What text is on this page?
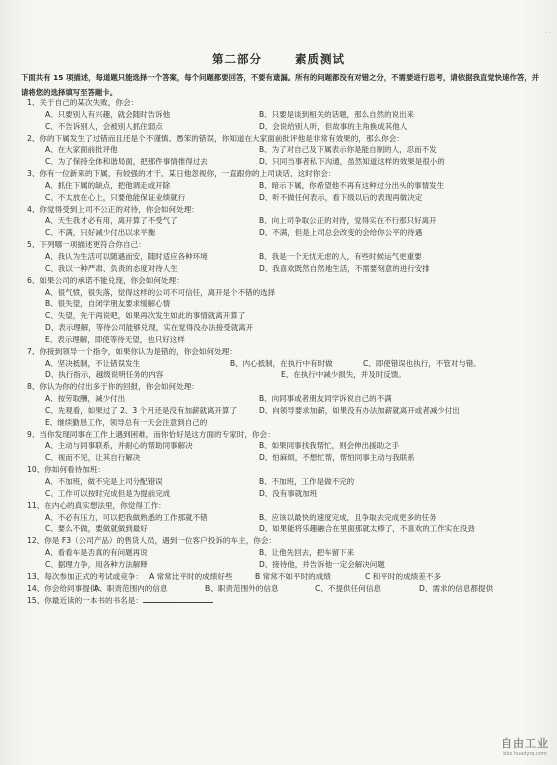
· ·
第二部分	素质测试
下面共有 15 项描述，每道题只能选择一个答案，每个问题都要回答，不要有遗漏。所有的问题都没有对错之分，不需要进行思考，请依据我直觉快速作答，并请将您的选择填写至答题卡。
1、关于自己的某次失败，你会：
A、只要别人有兴趣，就会随时告诉他	B、只要是谈到相关的话题，那么自然的说出来
C、不告诉别人，会被别人抓住弱点	D、会说给别人听，但故事的主角换成其他人
2、你的下属发生了过错而且还是个不谨慎、愚笨的错误，你知道在大家面前批评他是非常有效果的，那么你会：
A、在大家面前批评他	B、为了对自己及下属表示你是能自制的人，忍而不发
C、为了保持全体和谐局面，把那件事情推得过去	D、只同当事者私下沟通，虽然知道这样的效果是很小的
3、你有一位新来的下属，有较强的才干。某日他忽视你，一直跟你的上司谈话，这时你会：
A、抓住下属的缺点，把他调走或开除	B、暗示下属，你希望他不再有这种过分出头的事情发生
C、不太放在心上，只要他能保证业绩就行	D、听不做任何表示，看下级以后的表现再做决定
4、你觉得受到上司不公正的对待，你会如何处理：
A、天生我才必有用，离开算了不受气了	B、向上司争取公正的对待，觉得实在不行那只好离开
C、不满，只好减少付出以求平衡	D、不满，但是上司总会改变的会给你公平的待遇
5、下列哪一项描述更符合你自己：
A、我认为生活可以随遇而安，随时适应各种环境	B、我是一个无忧无虑的人，有些时候运气更重要
C、我以一种严肃、负责的态度对待人生	D、我喜欢既然自然地生活，不需要刻意的进行安排
6、如果公司的承诺不能兑现，你会如何处理：
A、很气愤，很失落，觉得这样的公司不可信任，离开是个不错的选择
B、很失望，自闭学朋友要求缓解心情
C、失望，先干再说吧，如果再次发生如此的事情就离开算了
D、表示理解，等待公司能够兑现，实在觉得没办法接受就离开
E、表示理解，即使等待无望，也只好这样
7、你接到领导一个指令，如果你认为是错的，你会如何处理：
A、坚决抵制，不让错误发生	B、内心抵制，在执行中有时做	C、即使错误也执行，不管对与错。
D、执行指示，越级说明任务的内容	E、在执行中减少损失，并及时反馈。
8、你认为你的付出多于你的回报，你会如何处理：
A、按劳取酬，减少付出	B、向同事或者朋友同学诉说自己的不满
C、先观看，如果过了 2、3 个月还是没有加薪就离开算了	D、向领导要求加薪，如果没有办法加薪就离开或者减少付出
E、继续勤恳工作，领导总有一天会注意到自己的
9、当你发现同事在工作上遇到困难，而你恰好是这方面的专家时，你会：
A、主动与同事联系，并耐心的帮助同事解决	B、如果同事找我帮忙，则会伸出援助之手
C、视而不见，让其自行解决	D、怕麻烦，不想忙帮，帮怕同事主动与我联系
10、你如何看待加班：
A、不加班，做不完是上司分配错误	B、不加班，工作是做不完的
C、工作可以按时完成但是为提前完成	D、没有事就加班
11、在内心的真实想法里，你觉得工作：
A、不必有压力，可以把我做熟悉的工作那就不错	B、应该以最快的速度完成，且争取去完成更多的任务
C、要么不做，要做就做到最好	D、如果能将乐趣融合在里面那就太棒了，不喜欢的工作实在没劲
12、你是 F3（公司产品）的售货人员，遇到一位客户投诉的车主，你会：
A、看看车是否真的有问题再说	B、让他先回去，把车留下来
C、据理力争，用各种方法解释	D、接待他，并告诉他一定会解决问题
13、每次参加正式的考试或竞争： A 常常比平时的成绩好些	B 常常不如平时的成绩	C 和平时的成绩差不多
14、你会给同事提供：
A、职责范围内的信息	B、职责范围外的信息	C、不提供任何信息	D、需求的信息都提供
15、你最近读的一本书的书名是：
自由工业
bbs.huadyrq.com
